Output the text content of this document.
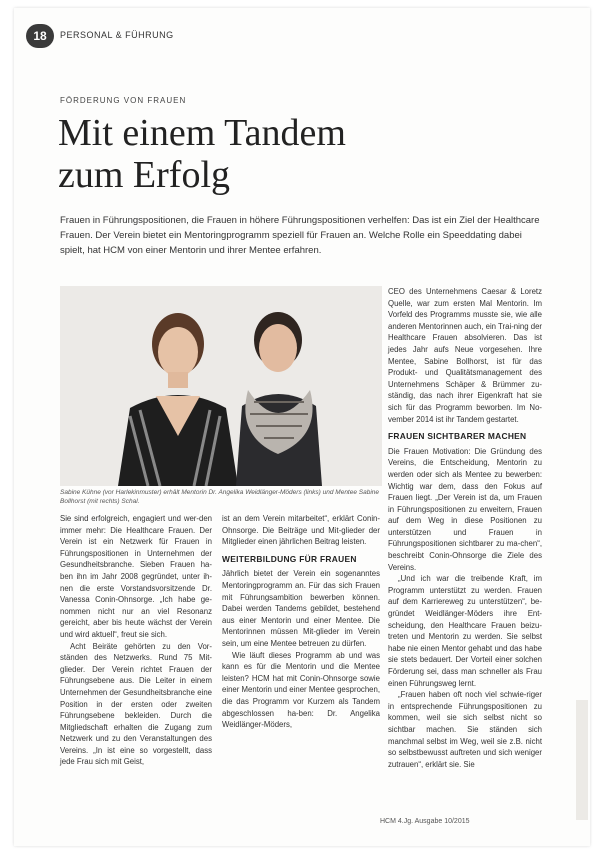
18	PERSONAL & FÜHRUNG
FÖRDERUNG VON FRAUEN
Mit einem Tandem
zum Erfolg

Frauen in Führungspositionen, die Frauen in höhere Führungspositionen verhelfen: Das ist ein Ziel der Healthcare Frauen. Der Verein bietet ein Mentoringprogramm speziell für Frauen an. Welche Rolle ein Speeddating dabei spielt, hat HCM von einer Mentorin und ihrer Mentee erfahren.

Sabine Kühne (vor Harlekinmuster) erhält Mentorin Dr. Angelika Weidlänger-Möders (links) und Mentee Sabine Bollhorst (mit rechts) Schal.

Sie sind erfolgreich, engagiert und wer-den immer mehr: Die Healthcare Frauen. Der Verein ist ein Netzwerk für Frauen in Führungspositionen in Unternehmen der Gesundheitsbranche. Sieben Frauen ha-ben ihn im Jahr 2008 gegründet, unter ih-nen die erste Vorstandsvorsitzende Dr. Vanessa Conin-Ohnsorge. „Ich habe ge-nommen nicht nur an viel Resonanz gereicht, aber bis heute wächst der Verein und wird aktuell“, freut sie sich.

Acht Beiräte gehörten zu den Vor-ständen des Netzwerks. Rund 75 Mit-glieder. Der Verein richtet Frauen der Führungsebene aus. Die Leiter in einem Unternehmen der Gesundheitsbranche eine Position in der ersten oder zweiten Führungsebene bekleiden. Durch die Mitgliedschaft erhalten die Zugang zum Netzwerk und zu den Veranstaltungen des Vereins. „In ist eine so vorgestellt, dass jede Frau sich mit Geist,

ist an dem Verein mitarbeitet“, erklärt Conin-Ohnsorge. Die Beiträge und Mit-glieder der Mitglieder einen jährlichen Beitrag leisten.

WEITERBILDUNG FÜR FRAUEN

Jährlich bietet der Verein ein sogenanntes Mentoringprogramm an. Für das sich Frauen mit Führungsambition bewerben können. Dabei werden Tandems gebildet, bestehend aus einer Mentorin und einer Mentee. Die Mentorinnen müssen Mit-glieder im Verein sein, um eine Mentee betreuen zu dürfen.

Wie läuft dieses Programm ab und was kann es für die Mentorin und die Mentee leisten? HCM hat mit Conin-Ohnsorge sowie einer Mentorin und einer Mentee gesprochen, die das Programm vor Kurzem als Tandem abgeschlossen ha-ben: Dr. Angelika Weidlänger-Möders,

CEO des Unternehmens Caesar & Loretz Quelle, war zum ersten Mal Mentorin. Im Vorfeld des Programms musste sie, wie alle anderen Mentorinnen auch, ein Trai-ning der Healthcare Frauen absolvieren. Das ist jedes Jahr aufs Neue vorgesehen. Ihre Mentee, Sabine Bollhorst, ist für das Produkt- und Qualitätsmanagement des Unternehmens Schäper & Brümmer zu-ständig, das nach ihrer Eigenkraft hat sie sich für das Programm beworben. Im No-vember 2014 ist ihr Tandem gestartet.

FRAUEN SICHTBARER MACHEN

Die Frauen Motivation: Die Gründung des Vereins, die Entscheidung, Mentorin zu werden oder sich als Mentee zu bewerben: Wichtig war dem, dass den Fokus auf Frauen liegt. „Der Verein ist da, um Frauen in Führungspositionen zu erweitern, Frauen auf dem Weg in diese Positionen zu unterstützen und Frauen in Führungspositionen sichtbarer zu ma-chen“, beschreibt Conin-Ohnsorge die Ziele des Vereins.

„Und ich war die treibende Kraft, im Programm unterstützt zu werden. Frauen auf dem Karriereweg zu unterstützen“, be-gründet Weidlänger-Möders ihre Ent-scheidung, den Healthcare Frauen beizu-treten und Mentorin zu werden. Sie selbst habe nie einen Mentor gehabt und das habe sie stets bedauert. Der Vorteil einer solchen Förderung sei, dass man schneller als Frau einen Führungsweg lernt.

„Frauen haben oft noch viel schwie-riger in entsprechende Führungspositionen zu kommen, weil sie sich selbst nicht so sichtbar machen. Sie ständen sich manchmal selbst im Weg, weil sie z.B. nicht so selbstbewusst auftreten und sich weniger zutrauen“, erklärt sie. Sie

HCM 4.Jg. Ausgabe 10/2015
